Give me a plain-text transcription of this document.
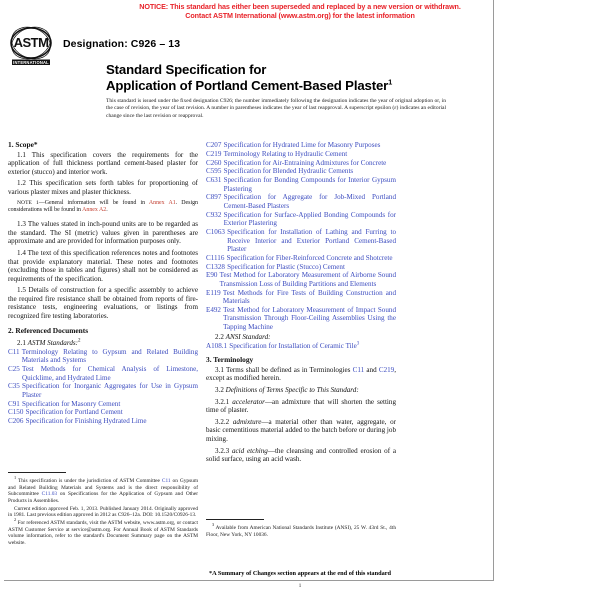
NOTICE: This standard has either been superseded and replaced by a new version or withdrawn.
Contact ASTM International (www.astm.org) for the latest information
ASTM
INTERNATIONAL
Designation: C926 – 13
Standard Specification for
Application of Portland Cement-Based Plaster$^1$
This standard is issued under the fixed designation C926; the number immediately following the designation indicates the year of original adoption or, in the case of revision, the year of last revision. A number in parentheses indicates the year of last reapproval. A superscript epsilon (ε) indicates an editorial change since the last revision or reapproval.
1. Scope*

1.1 This specification covers the requirements for the application of full thickness portland cement-based plaster for exterior (stucco) and interior work.

1.2 This specification sets forth tables for proportioning of various plaster mixes and plaster thickness.

NOTE 1—General information will be found in Annex A1. Design considerations will be found in Annex A2.

1.3 The values stated in inch-pound units are to be regarded as the standard. The SI (metric) values given in parentheses are approximate and are provided for information purposes only.

1.4 The text of this specification references notes and footnotes that provide explanatory material. These notes and footnotes (excluding those in tables and figures) shall not be considered as requirements of the specification.

1.5 Details of construction for a specific assembly to achieve the required fire resistance shall be obtained from reports of fire-resistance tests, engineering evaluations, or listings from recognized fire testing laboratories.

2. Referenced Documents
2.1 ASTM Standards:$^2$
C11 Terminology Relating to Gypsum and Related Building Materials and Systems
C25 Test Methods for Chemical Analysis of Limestone, Quicklime, and Hydrated Lime
C35 Specification for Inorganic Aggregates for Use in Gypsum Plaster
C91 Specification for Masonry Cement
C150 Specification for Portland Cement
C206 Specification for Finishing Hydrated Lime
C207 Specification for Hydrated Lime for Masonry Purposes
C219 Terminology Relating to Hydraulic Cement
C260 Specification for Air-Entraining Admixtures for Concrete
C595 Specification for Blended Hydraulic Cements
C631 Specification for Bonding Compounds for Interior Gypsum Plastering
C897 Specification for Aggregate for Job-Mixed Portland Cement-Based Plasters
C932 Specification for Surface-Applied Bonding Compounds for Exterior Plastering
C1063 Specification for Installation of Lathing and Furring to Receive Interior and Exterior Portland Cement-Based Plaster
C1116 Specification for Fiber-Reinforced Concrete and Shotcrete
C1328 Specification for Plastic (Stucco) Cement
E90 Test Method for Laboratory Measurement of Airborne Sound Transmission Loss of Building Partitions and Elements
E119 Test Methods for Fire Tests of Building Construction and Materials
E492 Test Method for Laboratory Measurement of Impact Sound Transmission Through Floor-Ceiling Assemblies Using the Tapping Machine
2.2 ANSI Standard:
A108.1 Specification for Installation of Ceramic Tile$^3$
3. Terminology

3.1 Terms shall be defined as in Terminologies C11 and C219, except as modified herein.

3.2 Definitions of Terms Specific to This Standard:

3.2.1 accelerator—an admixture that will shorten the setting time of plaster.

3.2.2 admixture—a material other than water, aggregate, or basic cementitious material added to the batch before or during job mixing.

3.2.3 acid etching—the cleansing and controlled erosion of a solid surface, using an acid wash.

$^1$ This specification is under the jurisdiction of ASTM Committee C11 on Gypsum and Related Building Materials and Systems and is the direct responsibility of Subcommittee C11.03 on Specifications for the Application of Gypsum and Other Products in Assemblies.

Current edition approved Feb. 1, 2013. Published January 2014. Originally approved in 1981. Last previous edition approved in 2012 as C926–12a. DOI: 10.1520/C0926-13.

$^2$ For referenced ASTM standards, visit the ASTM website, www.astm.org, or contact ASTM Customer Service at service@astm.org. For Annual Book of ASTM Standards volume information, refer to the standard's Document Summary page on the ASTM website.

$^3$ Available from American National Standards Institute (ANSI), 25 W. 43rd St., 4th Floor, New York, NY 10036.

*A Summary of Changes section appears at the end of this standard
1
